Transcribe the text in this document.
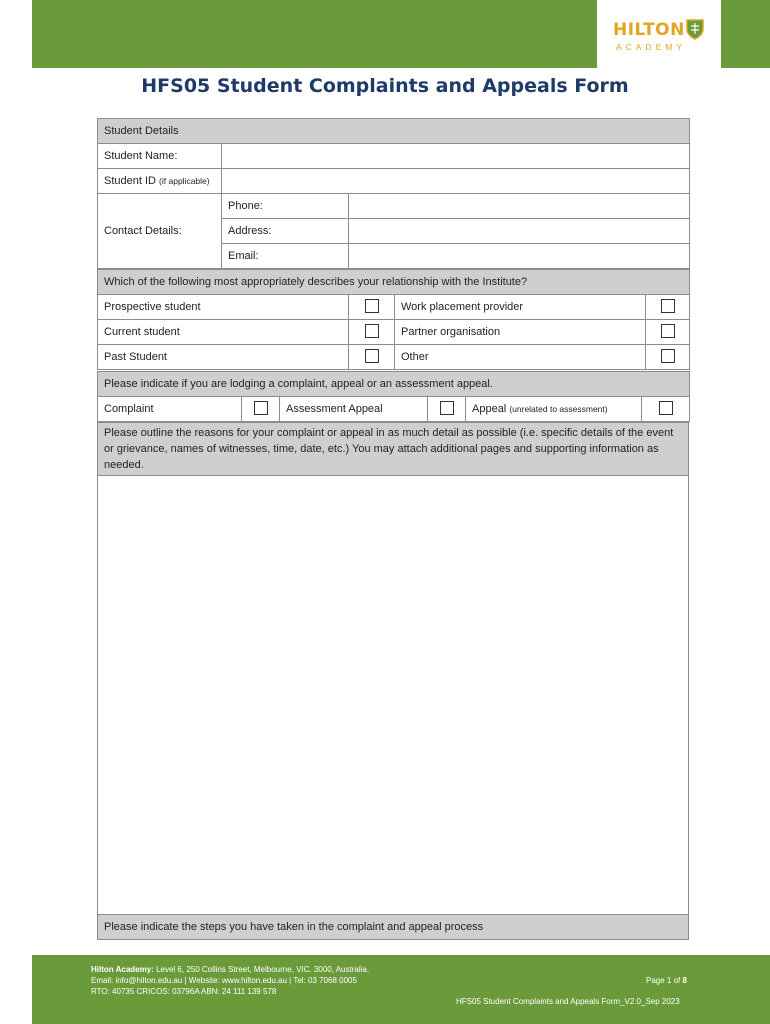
HILTON
ACADEMY
HFS05 Student Complaints and Appeals Form
Student Details		
Student Name:		
Student ID (if applicable)		
Contact Details:	Phone:	
	Address:	
	Email:	
Which of the following most appropriately describes your relationship with the Institute?			
Prospective student		Work placement provider	
Current student		Partner organisation	
Past Student		Other	
Please indicate if you are lodging a complaint, appeal or an assessment appeal.
Complaint		Assessment Appeal		Appeal (unrelated to assessment)	
Please outline the reasons for your complaint or appeal in as much detail as possible (i.e. specific details of the event or grievance, names of witnesses, time, date, etc.) You may attach additional pages and supporting information as needed.

Please indicate the steps you have taken in the complaint and appeal process
Hilton Academy: Level 6, 250 Collins Street, Melbourne, VIC. 3000, Australia.
Email: info@hilton.edu.au | Website: www.hilton.edu.au | Tel: 03 7068 0005
RTO: 40735 CRICOS: 03796A ABN: 24 111 139 578
Page 1 of 8
HFS05 Student Complaints and Appeals Form_V2.0_Sep 2023
